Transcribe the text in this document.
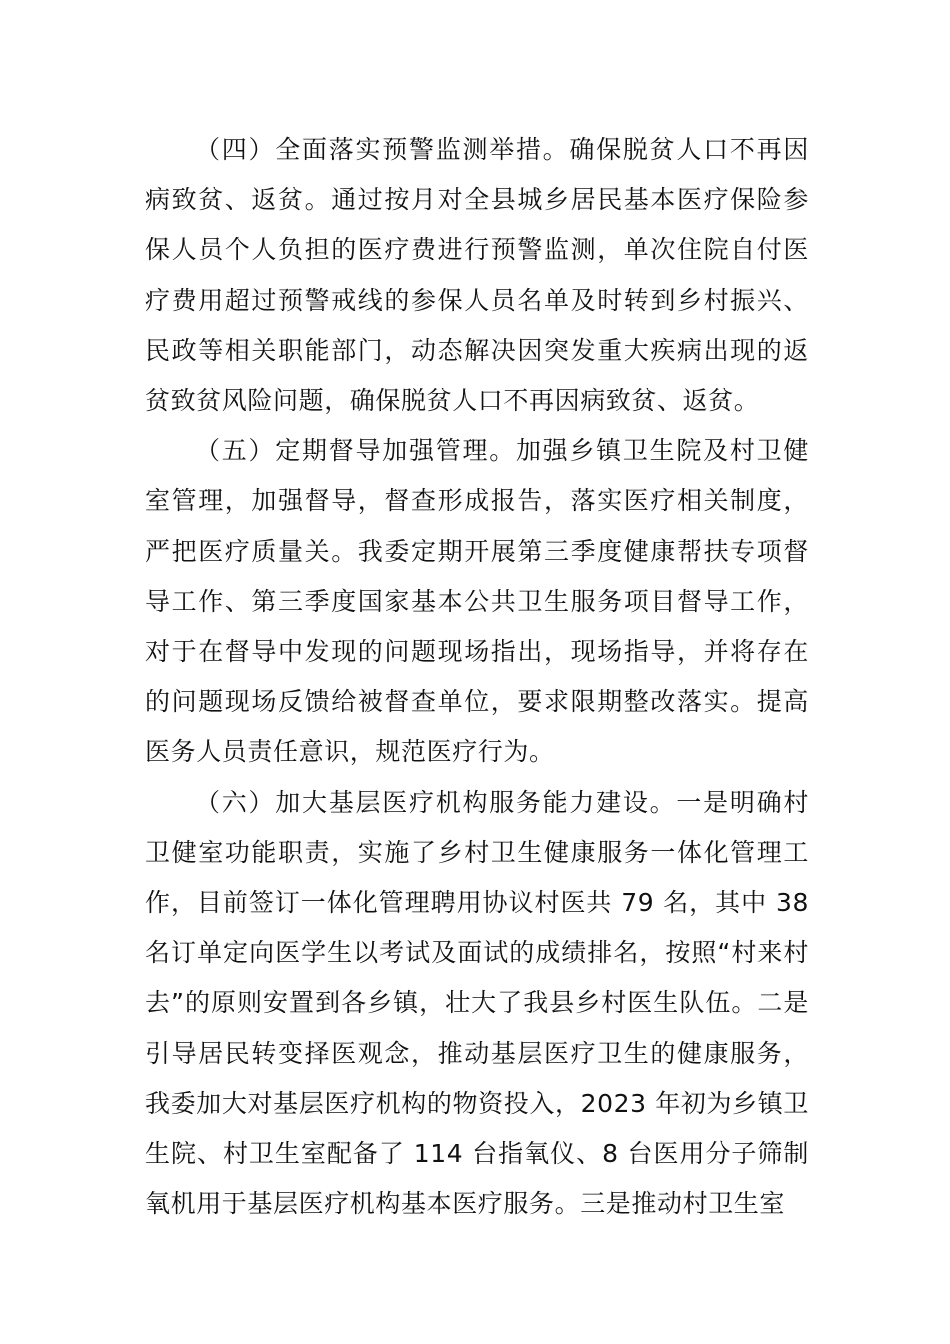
（四）全面落实预警监测举措。确保脱贫人口不再因病致贫、返贫。通过按月对全县城乡居民基本医疗保险参保人员个人负担的医疗费进行预警监测，单次住院自付医疗费用超过预警戒线的参保人员名单及时转到乡村振兴、民政等相关职能部门，动态解决因突发重大疾病出现的返贫致贫风险问题，确保脱贫人口不再因病致贫、返贫。

（五）定期督导加强管理。加强乡镇卫生院及村卫健室管理，加强督导，督查形成报告，落实医疗相关制度，严把医疗质量关。我委定期开展第三季度健康帮扶专项督导工作、第三季度国家基本公共卫生服务项目督导工作，对于在督导中发现的问题现场指出，现场指导，并将存在的问题现场反馈给被督查单位，要求限期整改落实。提高医务人员责任意识，规范医疗行为。

（六）加大基层医疗机构服务能力建设。一是明确村卫健室功能职责，实施了乡村卫生健康服务一体化管理工作，目前签订一体化管理聘用协议村医共 79 名，其中 38 名订单定向医学生以考试及面试的成绩排名，按照“村来村去”的原则安置到各乡镇，壮大了我县乡村医生队伍。二是引导居民转变择医观念，推动基层医疗卫生的健康服务，我委加大对基层医疗机构的物资投入，2023 年初为乡镇卫生院、村卫生室配备了 114 台指氧仪、8 台医用分子筛制氧机用于基层医疗机构基本医疗服务。三是推动村卫生室
